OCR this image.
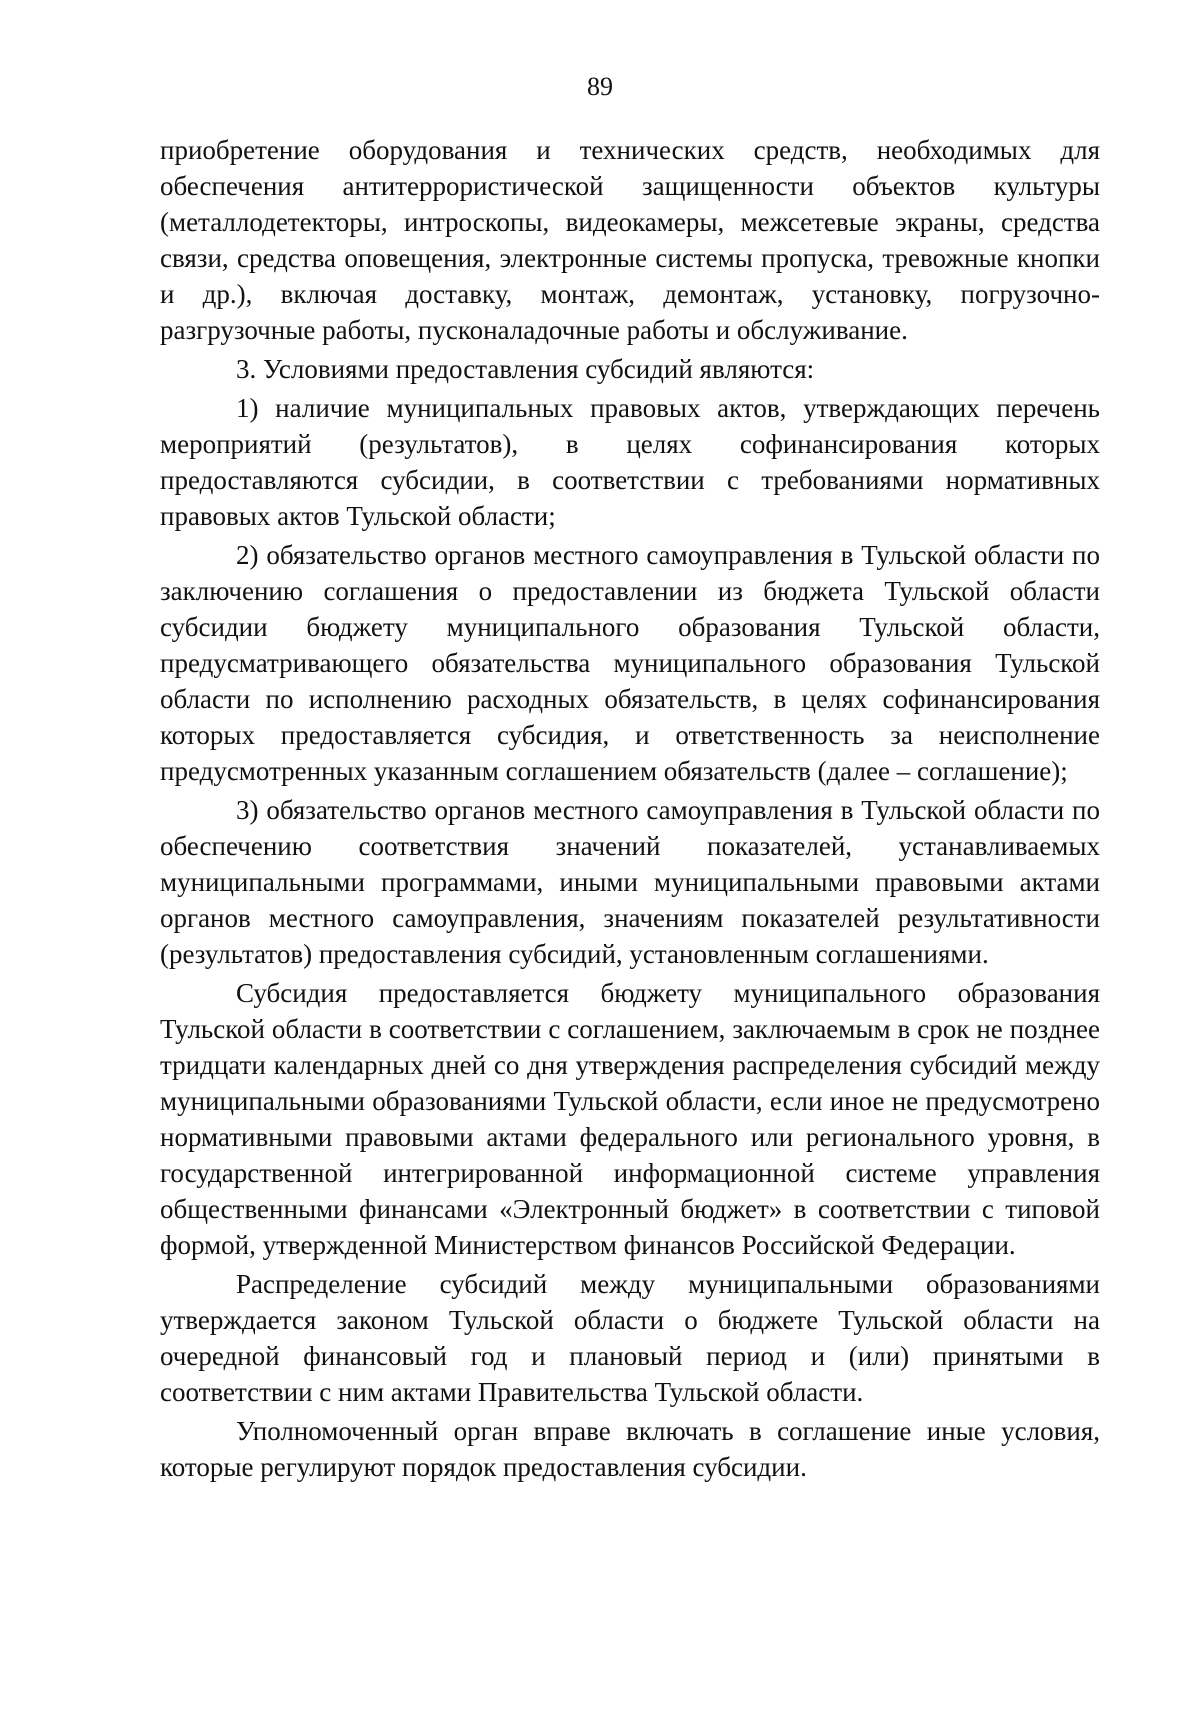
89

приобретение оборудования и технических средств, необходимых для обеспечения антитеррористической защищенности объектов культуры (металлодетекторы, интроскопы, видеокамеры, межсетевые экраны, средства связи, средства оповещения, электронные системы пропуска, тревожные кнопки и др.), включая доставку, монтаж, демонтаж, установку, погрузочно-разгрузочные работы, пусконаладочные работы и обслуживание.

3. Условиями предоставления субсидий являются:

1) наличие муниципальных правовых актов, утверждающих перечень мероприятий (результатов), в целях софинансирования которых предоставляются субсидии, в соответствии с требованиями нормативных правовых актов Тульской области;

2) обязательство органов местного самоуправления в Тульской области по заключению соглашения о предоставлении из бюджета Тульской области субсидии бюджету муниципального образования Тульской области, предусматривающего обязательства муниципального образования Тульской области по исполнению расходных обязательств, в целях софинансирования которых предоставляется субсидия, и ответственность за неисполнение предусмотренных указанным соглашением обязательств (далее – соглашение);

3) обязательство органов местного самоуправления в Тульской области по обеспечению соответствия значений показателей, устанавливаемых муниципальными программами, иными муниципальными правовыми актами органов местного самоуправления, значениям показателей результативности (результатов) предоставления субсидий, установленным соглашениями.

Субсидия предоставляется бюджету муниципального образования Тульской области в соответствии с соглашением, заключаемым в срок не позднее тридцати календарных дней со дня утверждения распределения субсидий между муниципальными образованиями Тульской области, если иное не предусмотрено нормативными правовыми актами федерального или регионального уровня, в государственной интегрированной информационной системе управления общественными финансами «Электронный бюджет» в соответствии с типовой формой, утвержденной Министерством финансов Российской Федерации.

Распределение субсидий между муниципальными образованиями утверждается законом Тульской области о бюджете Тульской области на очередной финансовый год и плановый период и (или) принятыми в соответствии с ним актами Правительства Тульской области.

Уполномоченный орган вправе включать в соглашение иные условия, которые регулируют порядок предоставления субсидии.
